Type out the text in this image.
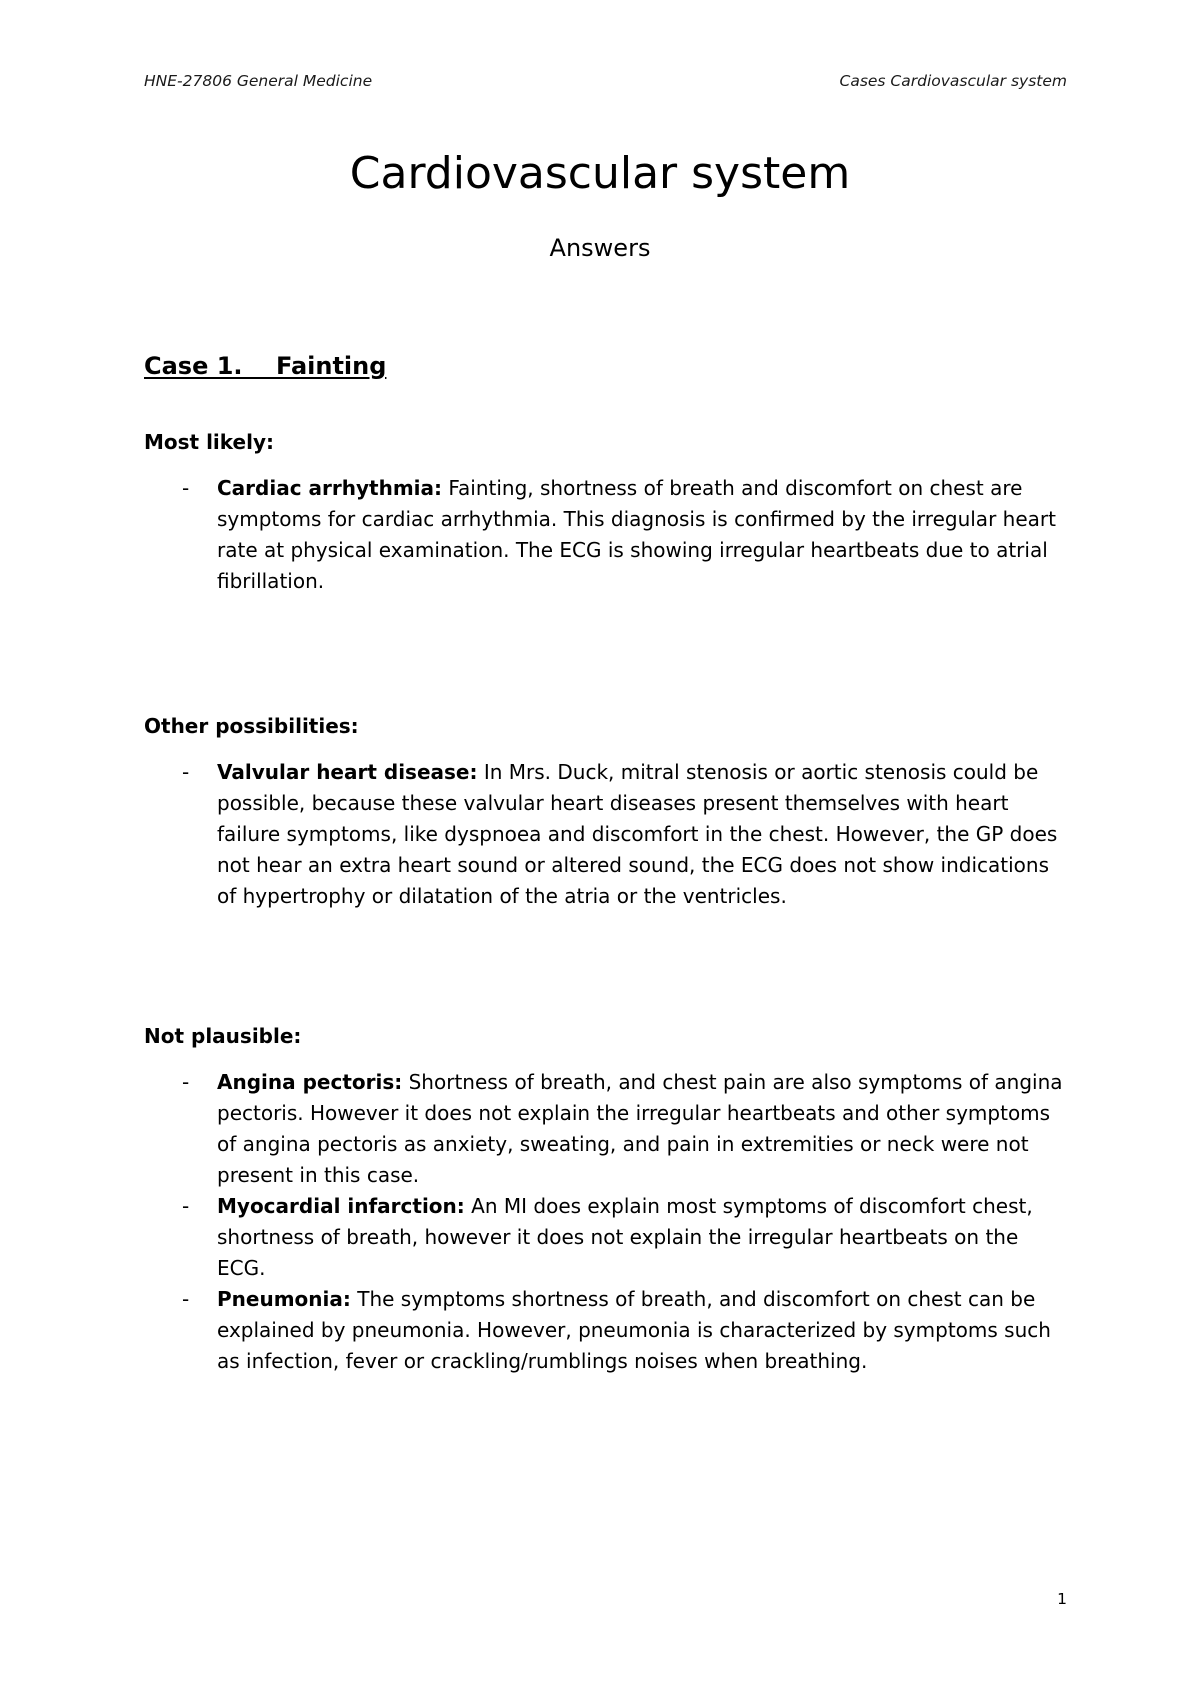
HNE-27806 General Medicine	Cases Cardiovascular system
Cardiovascular system
Answers
Case 1.    Fainting

Most likely:

- Cardiac arrhythmia: Fainting, shortness of breath and discomfort on chest are symptoms for cardiac arrhythmia. This diagnosis is confirmed by the irregular heart rate at physical examination. The ECG is showing irregular heartbeats due to atrial fibrillation.

Other possibilities:

- Valvular heart disease: In Mrs. Duck, mitral stenosis or aortic stenosis could be possible, because these valvular heart diseases present themselves with heart failure symptoms, like dyspnoea and discomfort in the chest. However, the GP does not hear an extra heart sound or altered sound, the ECG does not show indications of hypertrophy or dilatation of the atria or the ventricles.

Not plausible:

- Angina pectoris: Shortness of breath, and chest pain are also symptoms of angina pectoris. However it does not explain the irregular heartbeats and other symptoms of angina pectoris as anxiety, sweating, and pain in extremities or neck were not present in this case.
- Myocardial infarction: An MI does explain most symptoms of discomfort chest, shortness of breath, however it does not explain the irregular heartbeats on the ECG.
- Pneumonia: The symptoms shortness of breath, and discomfort on chest can be explained by pneumonia. However, pneumonia is characterized by symptoms such as infection, fever or crackling/rumblings noises when breathing.
1
